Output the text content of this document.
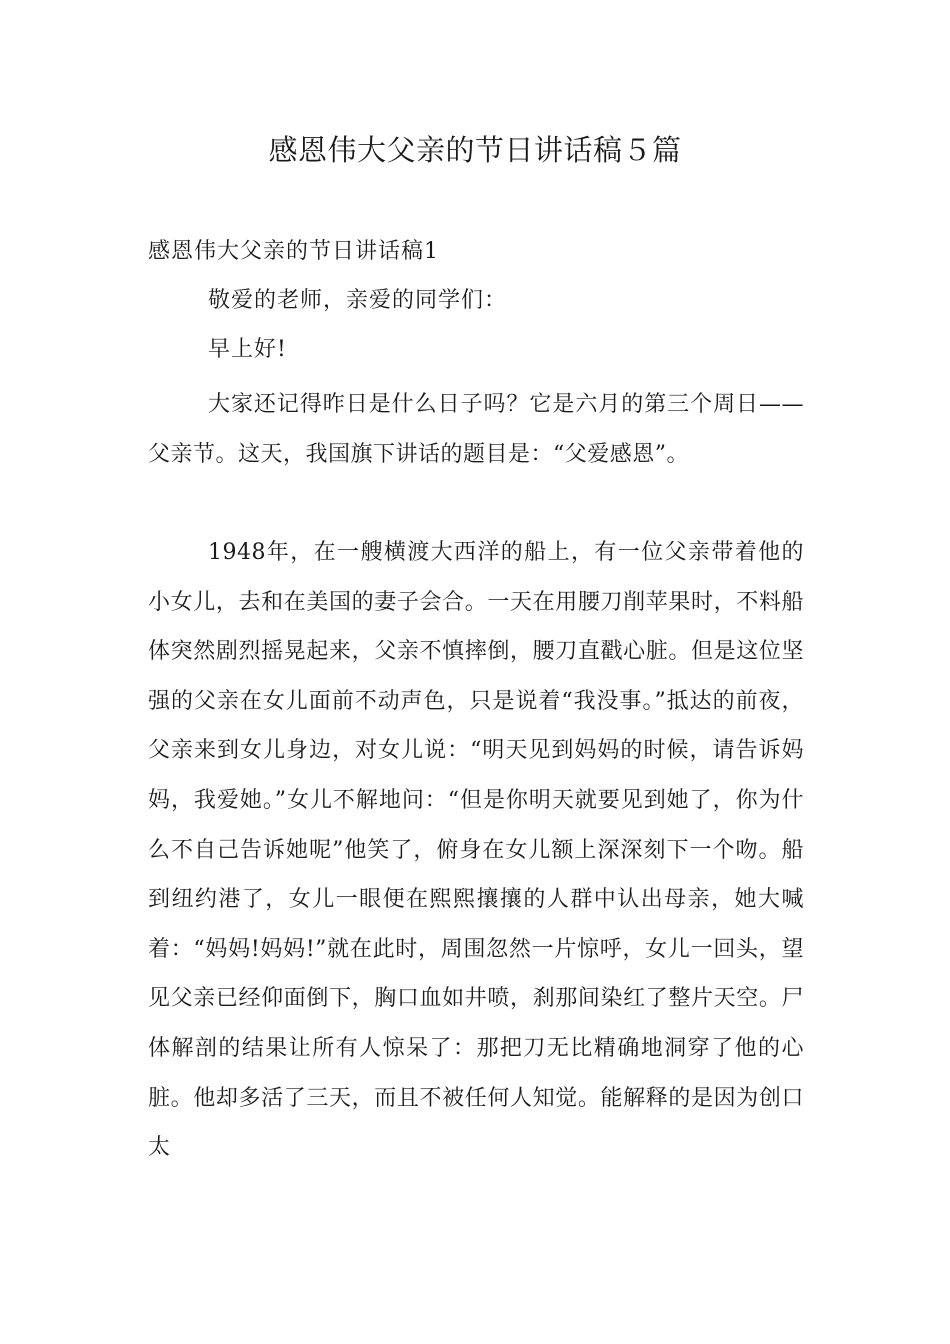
感恩伟大父亲的节日讲话稿５篇
感恩伟大父亲的节日讲话稿1
敬爱的老师，亲爱的同学们：
早上好!

大家还记得昨日是什么日子吗？它是六月的第三个周日——父亲节。这天，我国旗下讲话的题目是：“父爱感恩”。

1948年，在一艘横渡大西洋的船上，有一位父亲带着他的小女儿，去和在美国的妻子会合。一天在用腰刀削苹果时，不料船体突然剧烈摇晃起来，父亲不慎摔倒，腰刀直戳心脏。但是这位坚强的父亲在女儿面前不动声色，只是说着“我没事。”抵达的前夜，父亲来到女儿身边，对女儿说：“明天见到妈妈的时候，请告诉妈妈，我爱她。”女儿不解地问：“但是你明天就要见到她了，你为什么不自己告诉她呢”他笑了，俯身在女儿额上深深刻下一个吻。船到纽约港了，女儿一眼便在熙熙攘攘的人群中认出母亲，她大喊着：“妈妈!妈妈!”就在此时，周围忽然一片惊呼，女儿一回头，望见父亲已经仰面倒下，胸口血如井喷，刹那间染红了整片天空。尸体解剖的结果让所有人惊呆了：那把刀无比精确地洞穿了他的心脏。他却多活了三天，而且不被任何人知觉。能解释的是因为创口太
